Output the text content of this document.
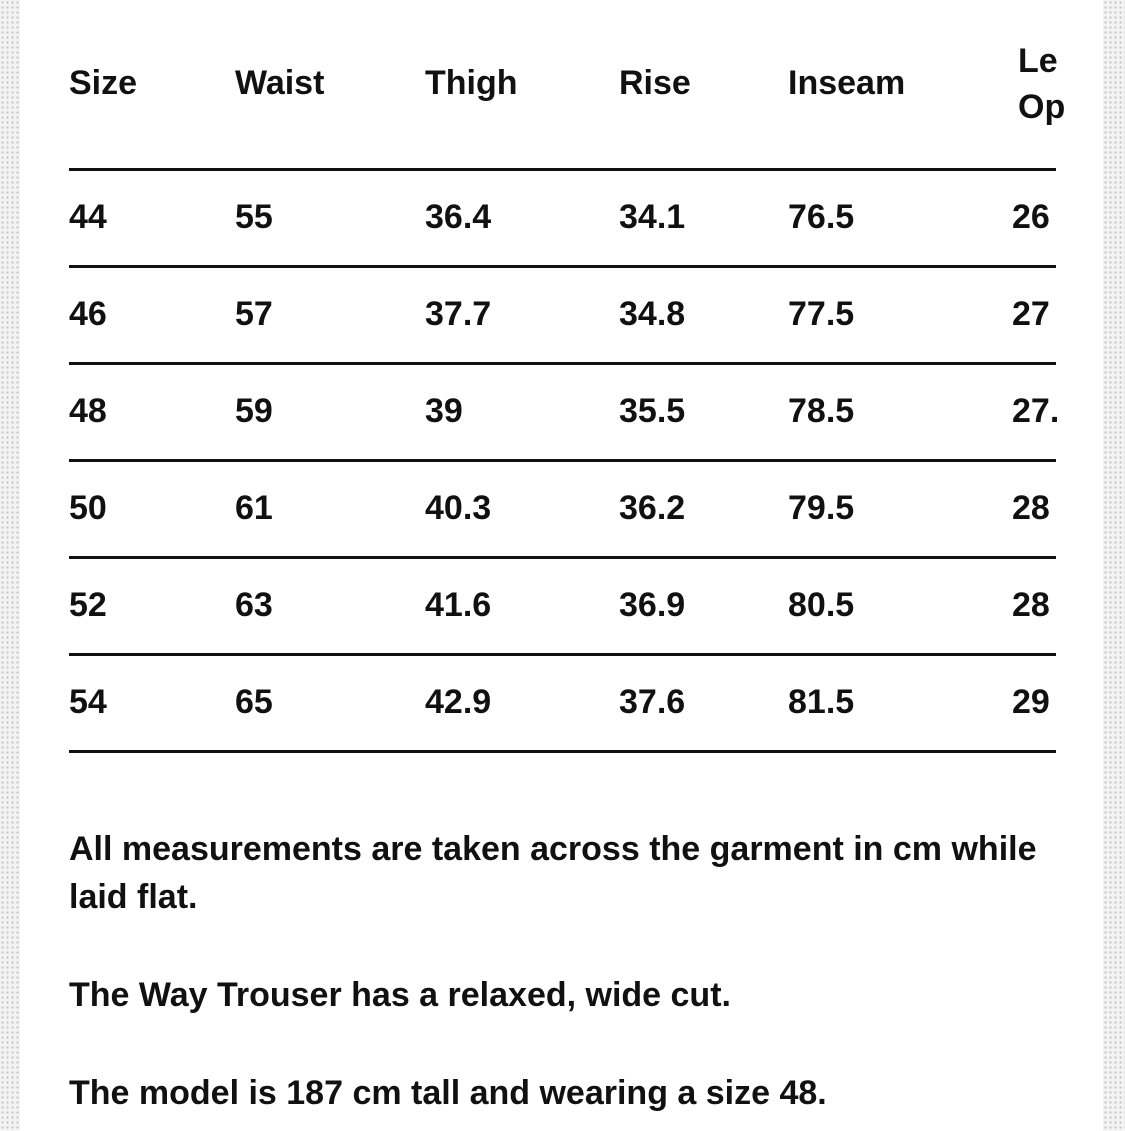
Size	Waist	Thigh	Rise	Inseam	Le
Op

44	55	36.4	34.1	76.5	26

46	57	37.7	34.8	77.5	27

48	59	39	35.5	78.5	27.

50	61	40.3	36.2	79.5	28

52	63	41.6	36.9	80.5	28

54	65	42.9	37.6	81.5	29

All measurements are taken across the garment in cm while laid flat.

The Way Trouser has a relaxed, wide cut.

The model is 187 cm tall and wearing a size 48.
